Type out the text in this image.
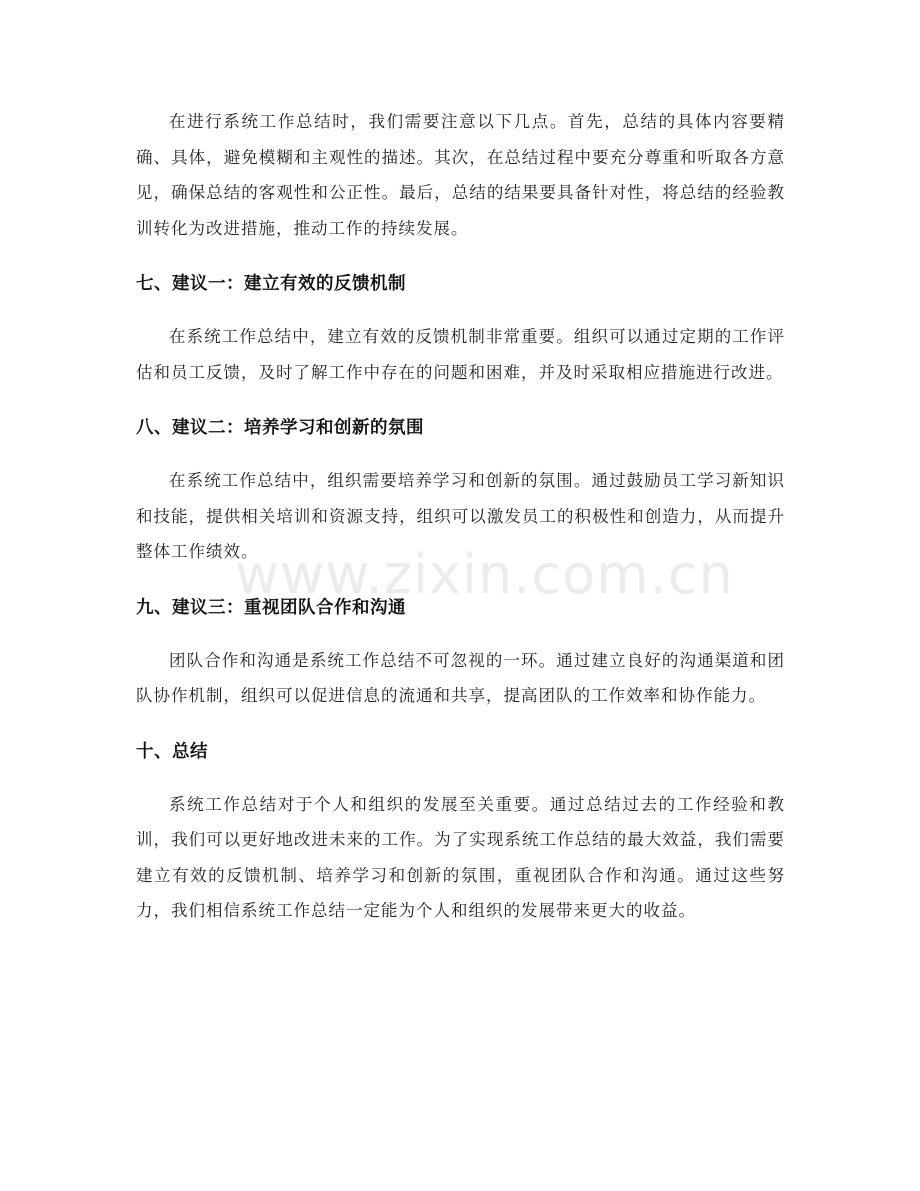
在进行系统工作总结时，我们需要注意以下几点。首先，总结的具体内容要精确、具体，避免模糊和主观性的描述。其次，在总结过程中要充分尊重和听取各方意见，确保总结的客观性和公正性。最后，总结的结果要具备针对性，将总结的经验教训转化为改进措施，推动工作的持续发展。

七、建议一：建立有效的反馈机制

在系统工作总结中，建立有效的反馈机制非常重要。组织可以通过定期的工作评估和员工反馈，及时了解工作中存在的问题和困难，并及时采取相应措施进行改进。

八、建议二：培养学习和创新的氛围

在系统工作总结中，组织需要培养学习和创新的氛围。通过鼓励员工学习新知识和技能，提供相关培训和资源支持，组织可以激发员工的积极性和创造力，从而提升整体工作绩效。

九、建议三：重视团队合作和沟通

团队合作和沟通是系统工作总结不可忽视的一环。通过建立良好的沟通渠道和团队协作机制，组织可以促进信息的流通和共享，提高团队的工作效率和协作能力。

十、总结

系统工作总结对于个人和组织的发展至关重要。通过总结过去的工作经验和教训，我们可以更好地改进未来的工作。为了实现系统工作总结的最大效益，我们需要建立有效的反馈机制、培养学习和创新的氛围，重视团队合作和沟通。通过这些努力，我们相信系统工作总结一定能为个人和组织的发展带来更大的收益。

www.zixin.com.cn
